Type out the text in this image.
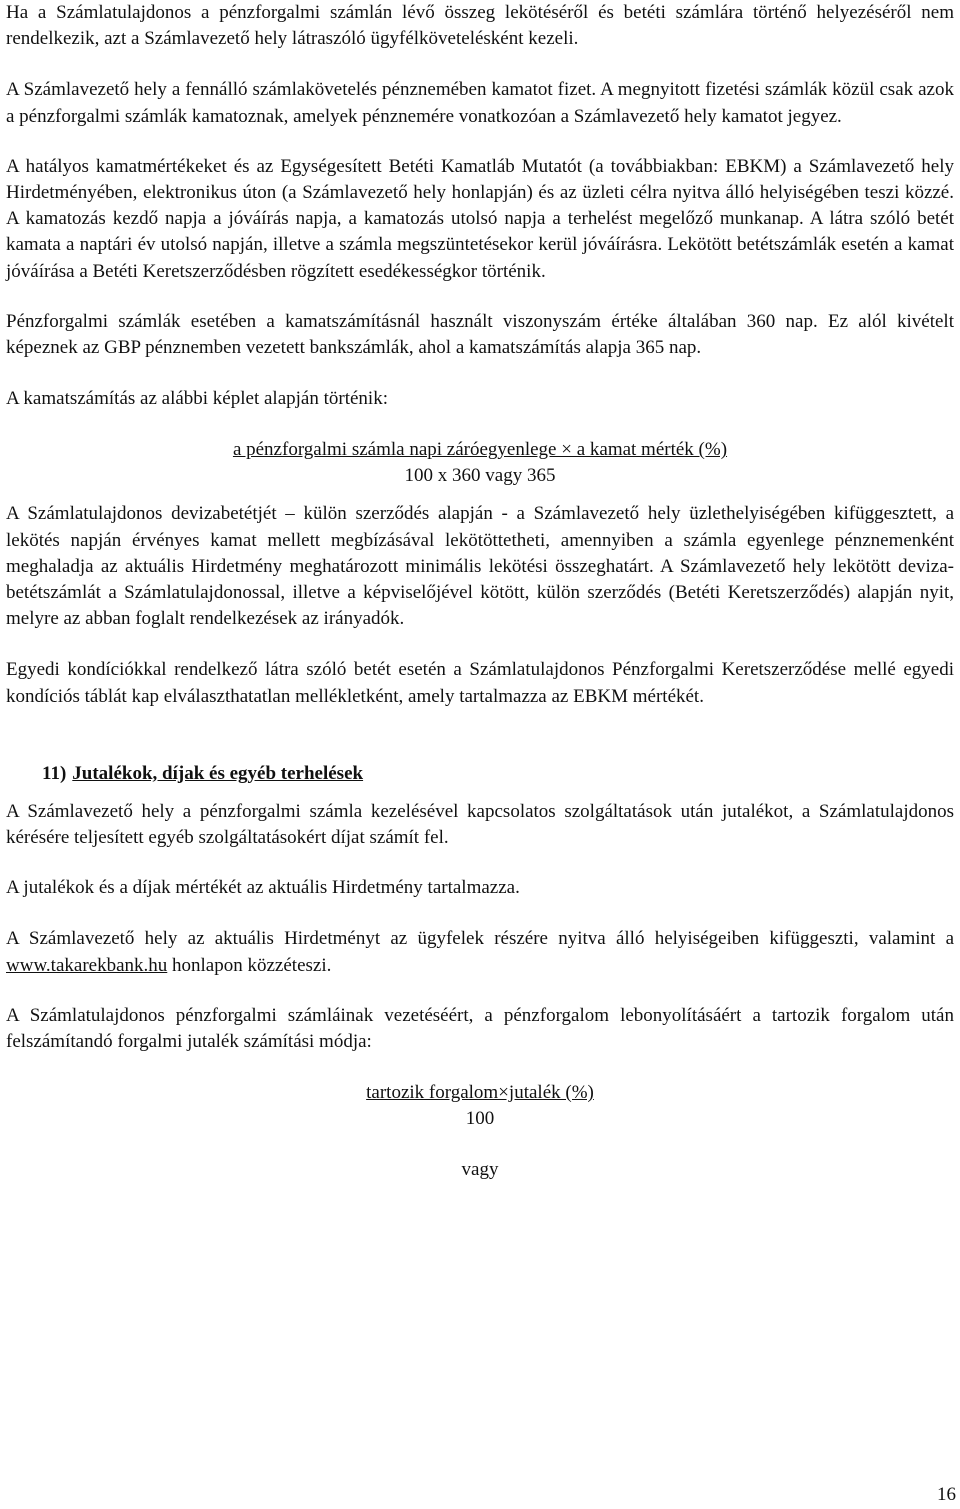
Ha a Számlatulajdonos a pénzforgalmi számlán lévő összeg lekötéséről és betéti számlára történő helyezéséről nem rendelkezik, azt a Számlavezető hely látraszóló ügyfélkövetelésként kezeli.

A Számlavezető hely a fennálló számlakövetelés pénznemében kamatot fizet. A megnyitott fizetési számlák közül csak azok a pénzforgalmi számlák kamatoznak, amelyek pénznemére vonatkozóan a Számlavezető hely kamatot jegyez.

A hatályos kamatmértékeket és az Egységesített Betéti Kamatláb Mutatót (a továbbiakban: EBKM) a Számlavezető hely Hirdetményében, elektronikus úton (a Számlavezető hely honlapján) és az üzleti célra nyitva álló helyiségében teszi közzé. A kamatozás kezdő napja a jóváírás napja, a kamatozás utolsó napja a terhelést megelőző munkanap. A látra szóló betét kamata a naptári év utolsó napján, illetve a számla megszüntetésekor kerül jóváírásra. Lekötött betétszámlák esetén a kamat jóváírása a Betéti Keretszerződésben rögzített esedékességkor történik.

Pénzforgalmi számlák esetében a kamatszámításnál használt viszonyszám értéke általában 360 nap. Ez alól kivételt képeznek az GBP pénznemben vezetett bankszámlák, ahol a kamatszámítás alapja 365 nap.

A kamatszámítás az alábbi képlet alapján történik:

a pénzforgalmi számla napi záróegyenlege × a kamat mérték (%)
100 x 360 vagy 365

A Számlatulajdonos devizabetétjét ‒ külön szerződés alapján - a Számlavezető hely üzlethelyiségében kifüggesztett, a lekötés napján érvényes kamat mellett megbízásával lekötöttetheti, amennyiben a számla egyenlege pénznemenként meghaladja az aktuális Hirdetmény meghatározott minimális lekötési összeghatárt. A Számlavezető hely lekötött deviza-betétszámlát a Számlatulajdonossal, illetve a képviselőjével kötött, külön szerződés (Betéti Keretszerződés) alapján nyit, melyre az abban foglalt rendelkezések az irányadók.

Egyedi kondíciókkal rendelkező látra szóló betét esetén a Számlatulajdonos Pénzforgalmi Keretszerződése mellé egyedi kondíciós táblát kap elválaszthatatlan mellékletként, amely tartalmazza az EBKM mértékét.

11) Jutalékok, díjak és egyéb terhelések

A Számlavezető hely a pénzforgalmi számla kezelésével kapcsolatos szolgáltatások után jutalékot, a Számlatulajdonos kérésére teljesített egyéb szolgáltatásokért díjat számít fel.

A jutalékok és a díjak mértékét az aktuális Hirdetmény tartalmazza.

A Számlavezető hely az aktuális Hirdetményt az ügyfelek részére nyitva álló helyiségeiben kifüggeszti, valamint a www.takarekbank.hu honlapon közzéteszi.

A Számlatulajdonos pénzforgalmi számláinak vezetéséért, a pénzforgalom lebonyolításáért a tartozik forgalom után felszámítandó forgalmi jutalék számítási módja:

tartozik forgalom×jutalék (%)
100
vagy
16
